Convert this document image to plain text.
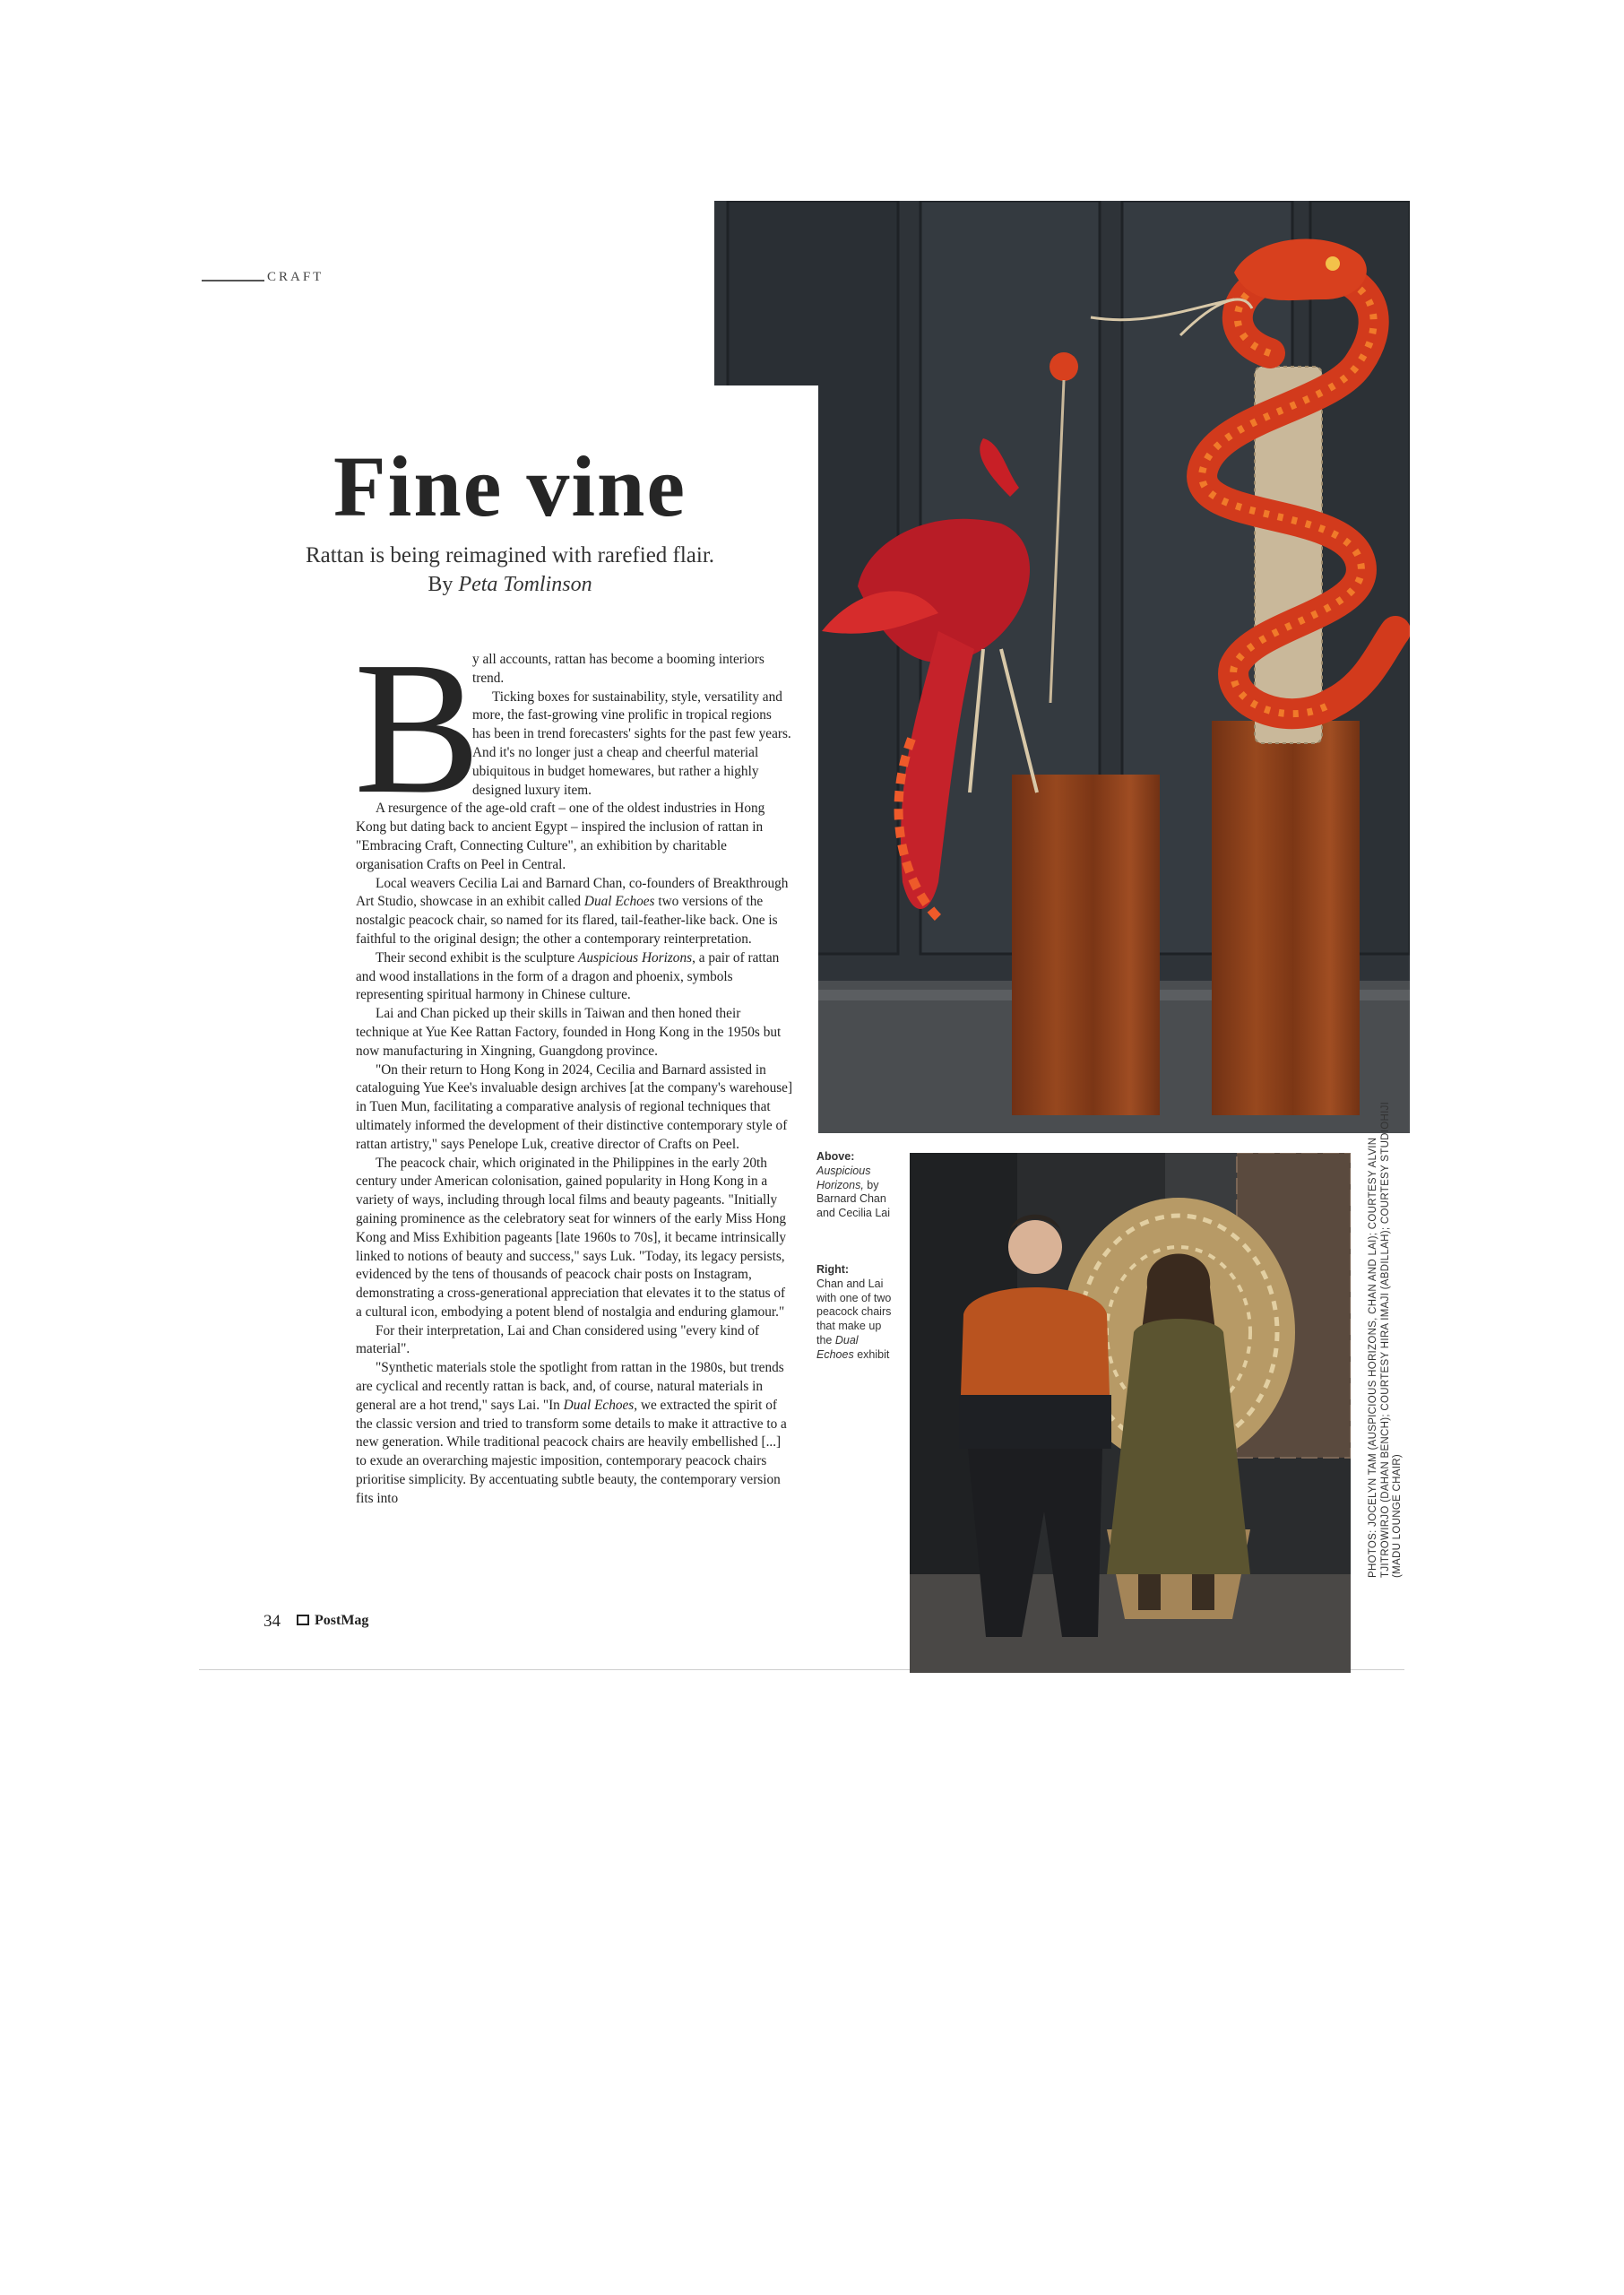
CRAFT
Fine vine
Rattan is being reimagined with rarefied flair.
By Peta Tomlinson
B

y all accounts, rattan has become a booming interiors trend.

Ticking boxes for sustainability, style, versatility and more, the fast-growing vine prolific in tropical regions has been in trend forecasters' sights for the past few years. And it's no longer just a cheap and cheerful material ubiquitous in budget homewares, but rather a highly designed luxury item.

A resurgence of the age-old craft – one of the oldest industries in Hong Kong but dating back to ancient Egypt – inspired the inclusion of rattan in "Embracing Craft, Connecting Culture", an exhibition by charitable organisation Crafts on Peel in Central.

Local weavers Cecilia Lai and Barnard Chan, co-founders of Breakthrough Art Studio, showcase in an exhibit called Dual Echoes two versions of the nostalgic peacock chair, so named for its flared, tail-feather-like back. One is faithful to the original design; the other a contemporary reinterpretation.

Their second exhibit is the sculpture Auspicious Horizons, a pair of rattan and wood installations in the form of a dragon and phoenix, symbols representing spiritual harmony in Chinese culture.

Lai and Chan picked up their skills in Taiwan and then honed their technique at Yue Kee Rattan Factory, founded in Hong Kong in the 1950s but now manufacturing in Xingning, Guangdong province.

"On their return to Hong Kong in 2024, Cecilia and Barnard assisted in cataloguing Yue Kee's invaluable design archives [at the company's warehouse] in Tuen Mun, facilitating a comparative analysis of regional techniques that ultimately informed the development of their distinctive contemporary style of rattan artistry," says Penelope Luk, creative director of Crafts on Peel.

The peacock chair, which originated in the Philippines in the early 20th century under American colonisation, gained popularity in Hong Kong in a variety of ways, including through local films and beauty pageants. "Initially gaining prominence as the celebratory seat for winners of the early Miss Hong Kong and Miss Exhibition pageants [late 1960s to 70s], it became intrinsically linked to notions of beauty and success," says Luk. "Today, its legacy persists, evidenced by the tens of thousands of peacock chair posts on Instagram, demonstrating a cross-generational appreciation that elevates it to the status of a cultural icon, embodying a potent blend of nostalgia and enduring glamour."

For their interpretation, Lai and Chan considered using "every kind of material".

"Synthetic materials stole the spotlight from rattan in the 1980s, but trends are cyclical and recently rattan is back, and, of course, natural materials in general are a hot trend," says Lai. "In Dual Echoes, we extracted the spirit of the classic version and tried to transform some details to make it attractive to a new generation. While traditional peacock chairs are heavily embellished [...] to exude an overarching majestic imposition, contemporary peacock chairs prioritise simplicity. By accentuating subtle beauty, the contemporary version fits into

34	PostMag
Above:
Auspicious Horizons, by Barnard Chan and Cecilia Lai
Right:
Chan and Lai with one of two peacock chairs that make up the Dual Echoes exhibit	PHOTOS: JOCELYN TAM (AUSPICIOUS HORIZONS, CHAN AND LAI); COURTESY ALVIN TJITROWIRJO (DAHAN BENCH); COURTESY HIRA IMAJI (ABDILLAH); COURTESY STUDIOHIJI (MADU LOUNGE CHAIR)
